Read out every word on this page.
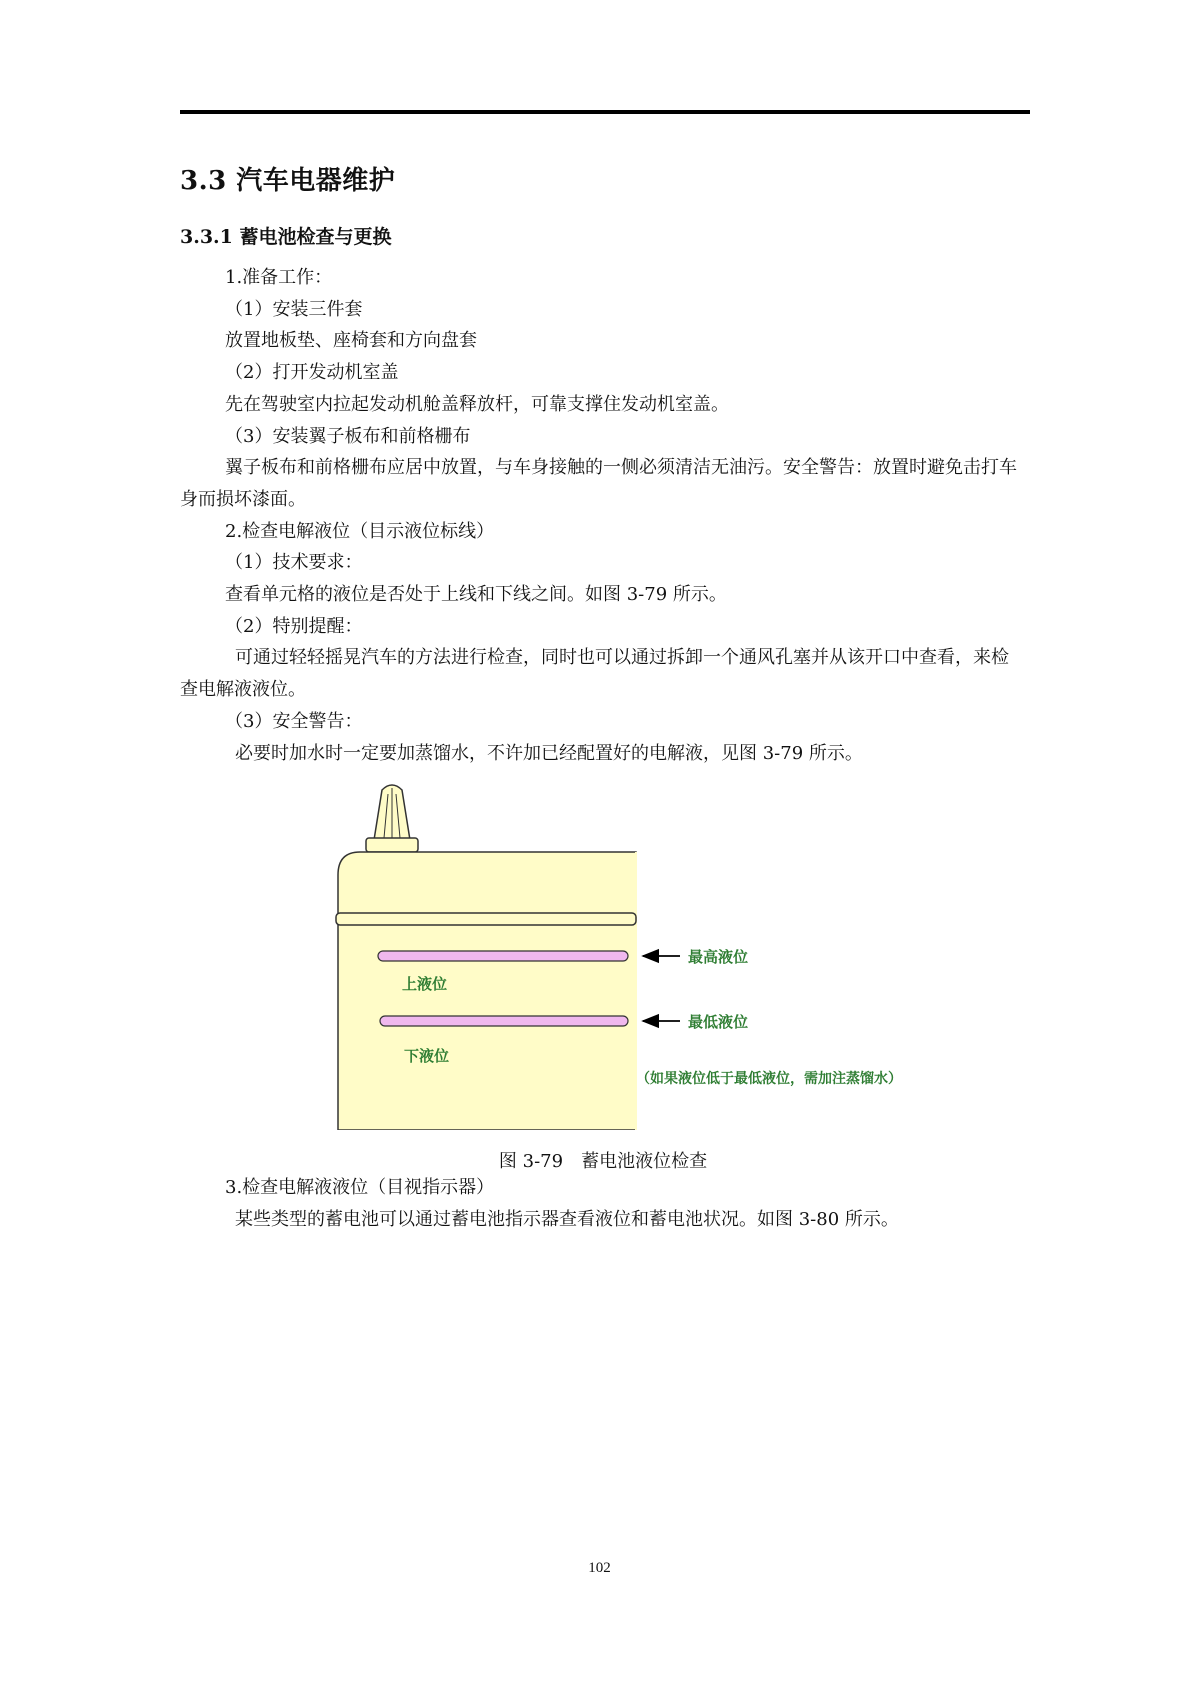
3.3 汽车电器维护
3.3.1 蓄电池检查与更换

1.准备工作：

（1）安装三件套

放置地板垫、座椅套和方向盘套

（2）打开发动机室盖

先在驾驶室内拉起发动机舱盖释放杆，可靠支撑住发动机室盖。

（3）安装翼子板布和前格栅布

翼子板布和前格栅布应居中放置，与车身接触的一侧必须清洁无油污。安全警告：放置时避免击打车身而损坏漆面。

2.检查电解液位（目示液位标线）

（1）技术要求：

查看单元格的液位是否处于上线和下线之间。如图 3-79 所示。

（2）特别提醒：

可通过轻轻摇晃汽车的方法进行检查，同时也可以通过拆卸一个通风孔塞并从该开口中查看，来检查电解液液位。

（3）安全警告：

必要时加水时一定要加蒸馏水，不许加已经配置好的电解液，见图 3-79 所示。

上液位
下液位
最高液位
最低液位
（如果液位低于最低液位，需加注蒸馏水）
图 3-79　蓄电池液位检查

3.检查电解液液位（目视指示器）

某些类型的蓄电池可以通过蓄电池指示器查看液位和蓄电池状况。如图 3-80 所示。

102
